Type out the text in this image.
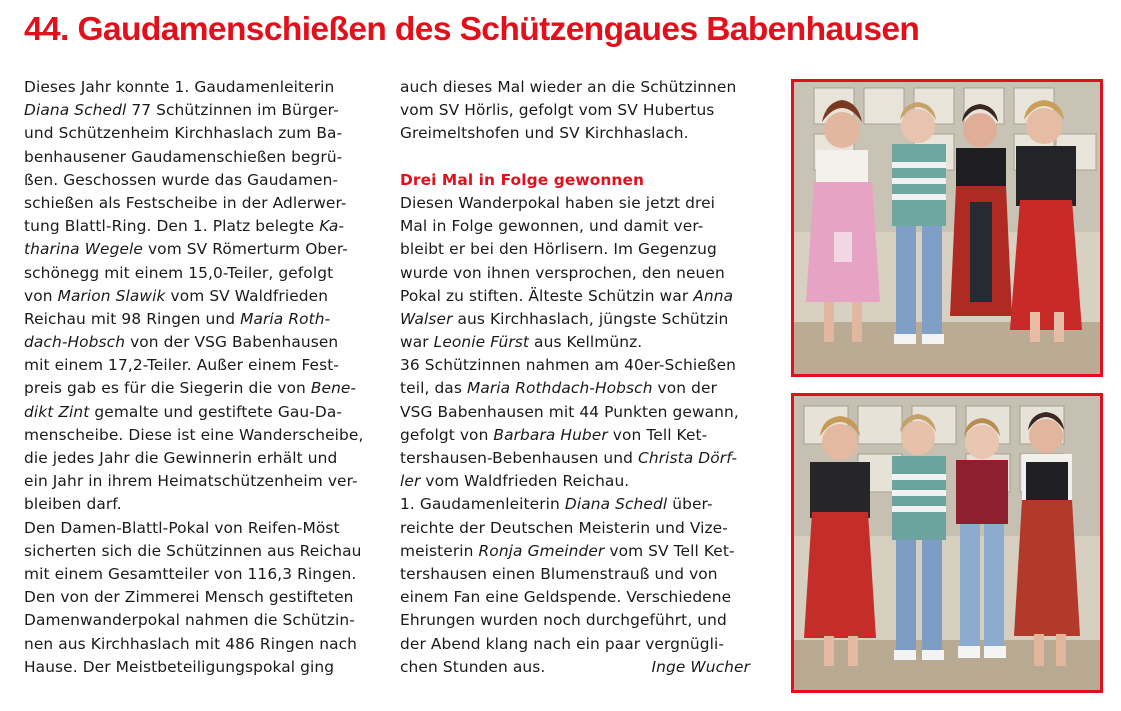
44. Gaudamenschießen des Schützengaues Babenhausen
Dieses Jahr konnte 1. Gaudamenleiterin
Diana Schedl 77 Schützinnen im Bürger-
und Schützenheim Kirchhaslach zum Ba-
benhausener Gaudamenschießen begrü-
ßen. Geschossen wurde das Gaudamen-
schießen als Festscheibe in der Adlerwer-
tung Blattl-Ring. Den 1. Platz belegte Ka-
tharina Wegele vom SV Römerturm Ober-
schönegg mit einem 15,0-Teiler, gefolgt
von Marion Slawik vom SV Waldfrieden
Reichau mit 98 Ringen und Maria Roth-
dach-Hobsch von der VSG Babenhausen
mit einem 17,2-Teiler. Außer einem Fest-
preis gab es für die Siegerin die von Bene-
dikt Zint gemalte und gestiftete Gau-Da-
menscheibe. Diese ist eine Wanderscheibe,
die jedes Jahr die Gewinnerin erhält und
ein Jahr in ihrem Heimatschützenheim ver-
bleiben darf.
Den Damen-Blattl-Pokal von Reifen-Möst
sicherten sich die Schützinnen aus Reichau
mit einem Gesamtteiler von 116,3 Ringen.
Den von der Zimmerei Mensch gestifteten
Damenwanderpokal nahmen die Schützin-
nen aus Kirchhaslach mit 486 Ringen nach
Hause. Der Meistbeteiligungspokal ging
auch dieses Mal wieder an die Schützinnen
vom SV Hörlis, gefolgt vom SV Hubertus
Greimeltshofen und SV Kirchhaslach.
Drei Mal in Folge gewonnen
Diesen Wanderpokal haben sie jetzt drei
Mal in Folge gewonnen, und damit ver-
bleibt er bei den Hörlisern. Im Gegenzug
wurde von ihnen versprochen, den neuen
Pokal zu stiften. Älteste Schützin war Anna
Walser aus Kirchhaslach, jüngste Schützin
war Leonie Fürst aus Kellmünz.
36 Schützinnen nahmen am 40er-Schießen
teil, das Maria Rothdach-Hobsch von der
VSG Babenhausen mit 44 Punkten gewann,
gefolgt von Barbara Huber von Tell Ket-
tershausen-Bebenhausen und Christa Dörf-
ler vom Waldfrieden Reichau.
1. Gaudamenleiterin Diana Schedl über-
reichte der Deutschen Meisterin und Vize-
meisterin Ronja Gmeinder vom SV Tell Ket-
tershausen einen Blumenstrauß und von
einem Fan eine Geldspende. Verschiedene
Ehrungen wurden noch durchgeführt, und
der Abend klang nach ein paar vergnügli-
chen Stunden aus.	Inge Wucher
